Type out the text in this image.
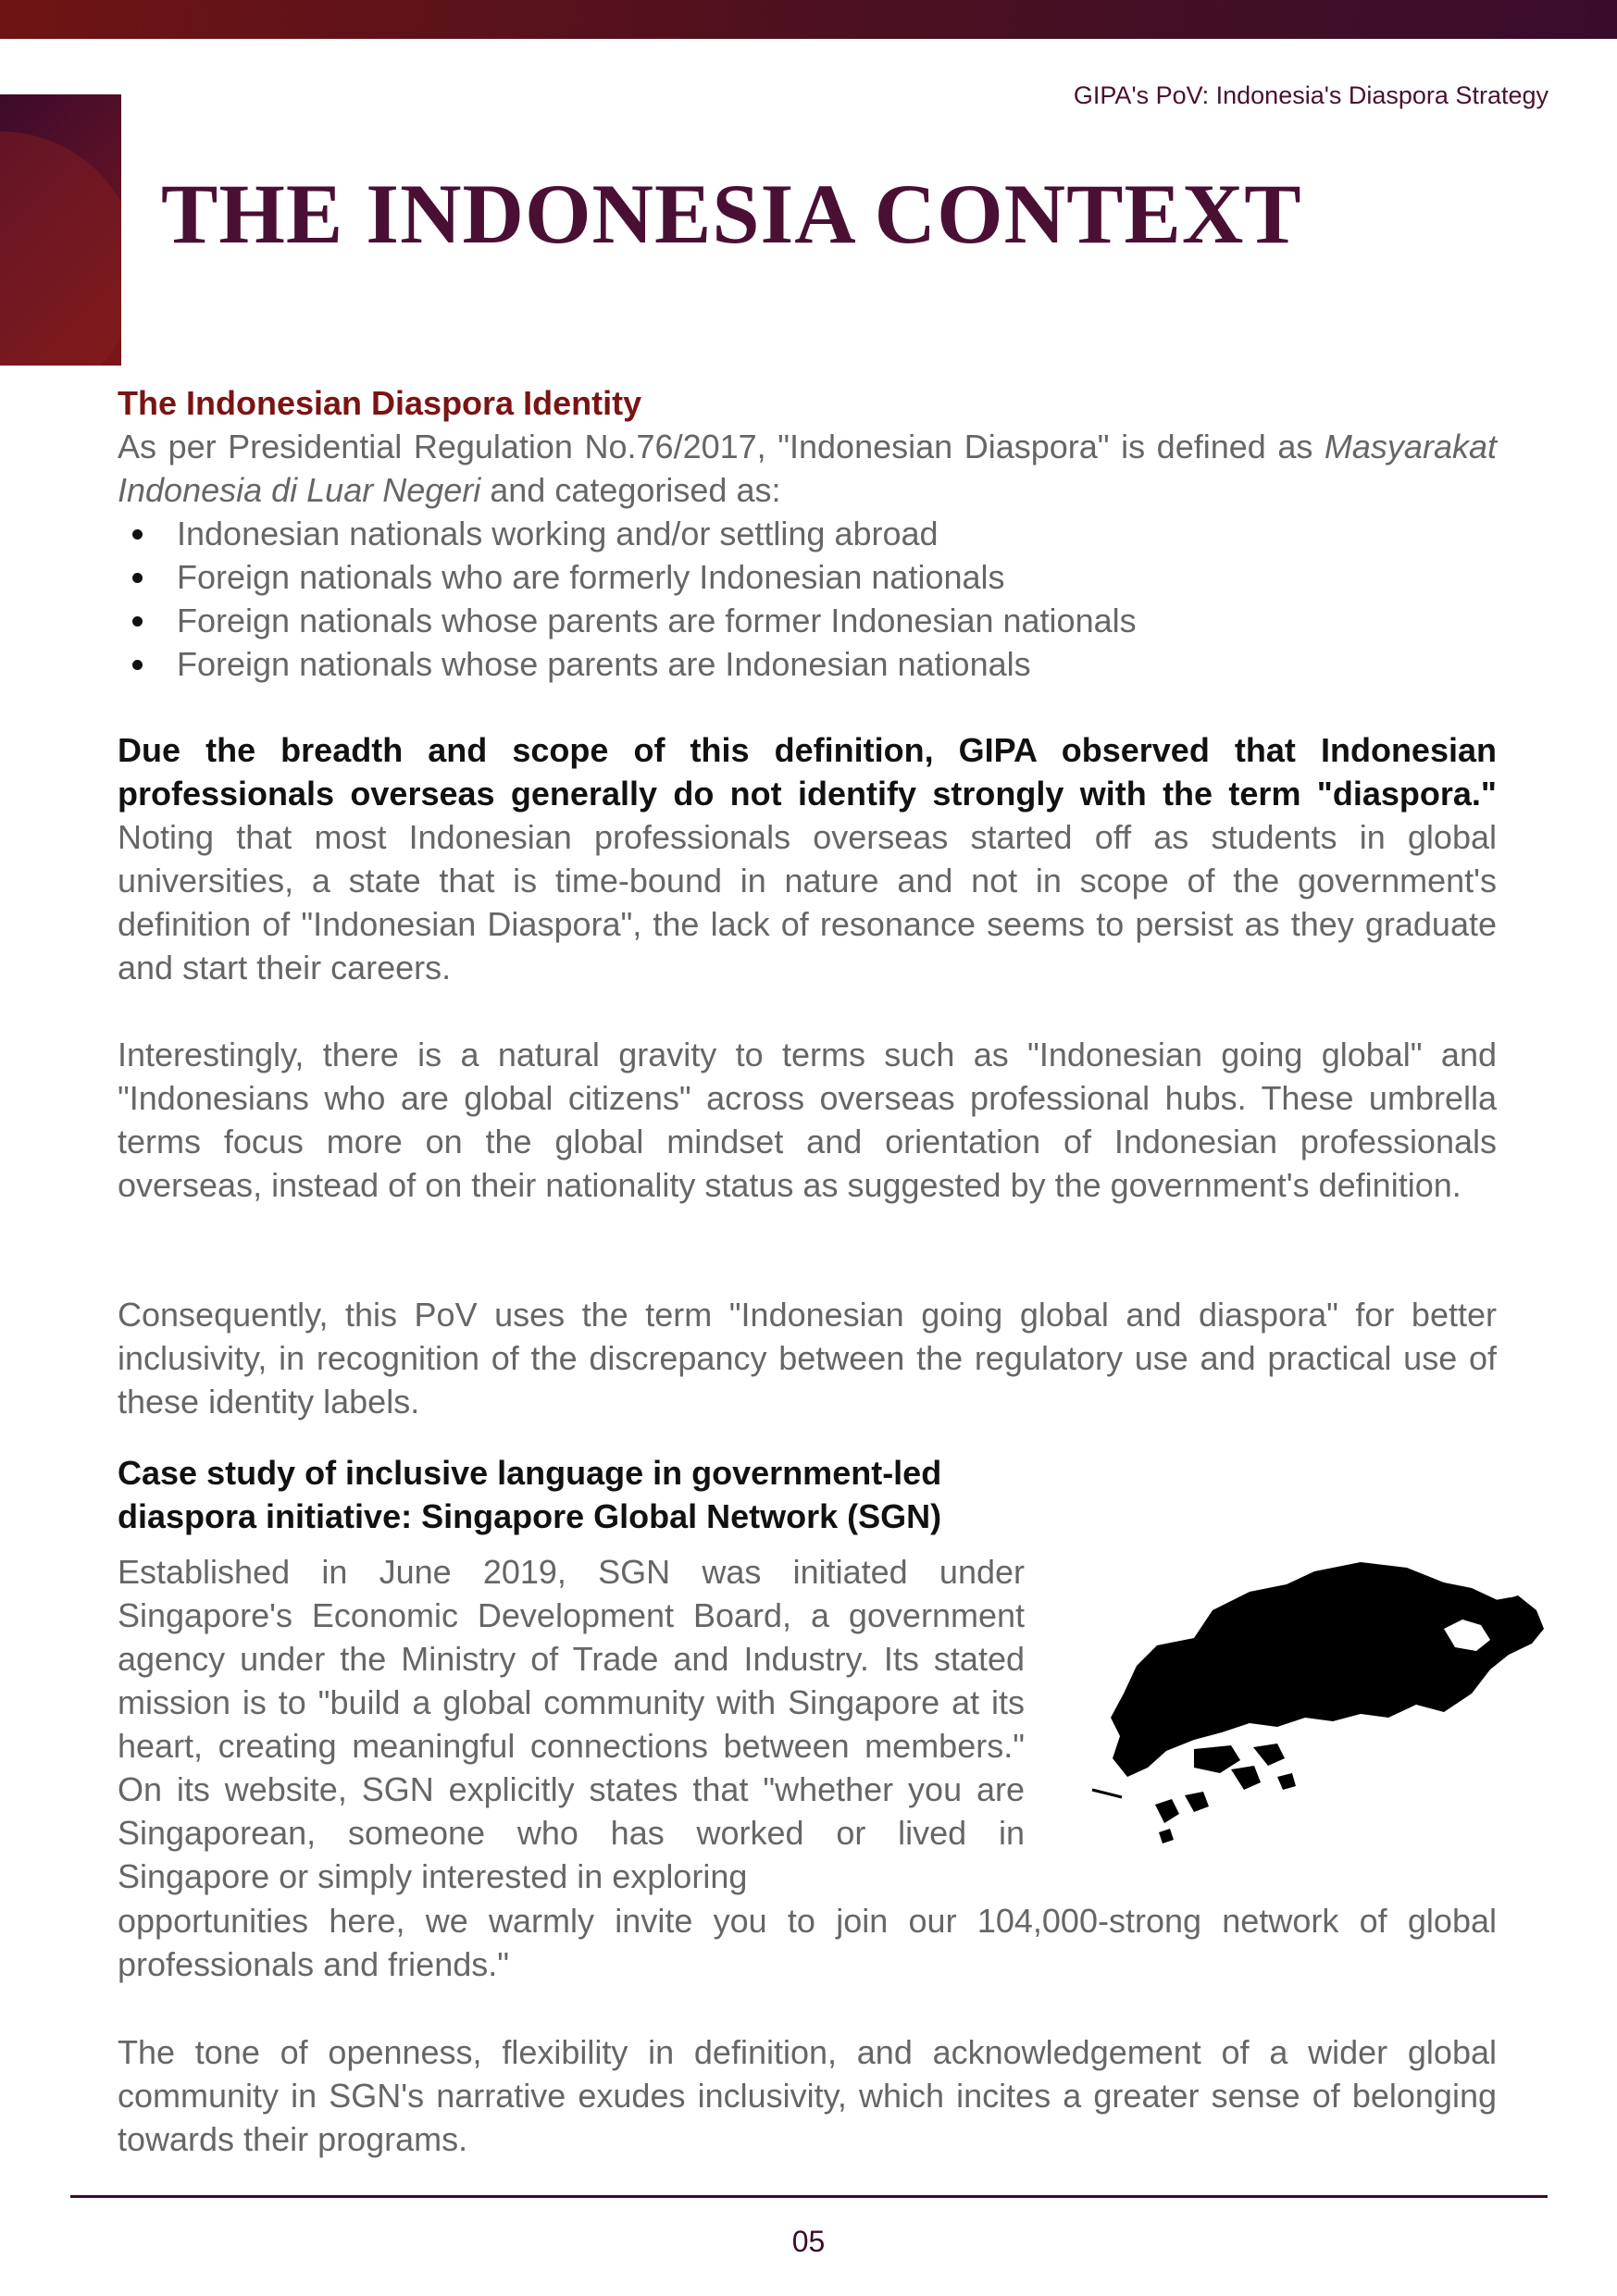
GIPA's PoV: Indonesia's Diaspora Strategy
THE INDONESIA CONTEXT
The Indonesian Diaspora Identity
As per Presidential Regulation No.76/2017, "Indonesian Diaspora" is defined as Masyarakat Indonesia di Luar Negeri and categorised as:
Indonesian nationals working and/or settling abroad
Foreign nationals who are formerly Indonesian nationals
Foreign nationals whose parents are former Indonesian nationals
Foreign nationals whose parents are Indonesian nationals

Due the breadth and scope of this definition, GIPA observed that Indonesian professionals overseas generally do not identify strongly with the term "diaspora." Noting that most Indonesian professionals overseas started off as students in global universities, a state that is time-bound in nature and not in scope of the government's definition of "Indonesian Diaspora", the lack of resonance seems to persist as they graduate and start their careers.

Interestingly, there is a natural gravity to terms such as "Indonesian going global" and "Indonesians who are global citizens" across overseas professional hubs. These umbrella terms focus more on the global mindset and orientation of Indonesian professionals overseas, instead of on their nationality status as suggested by the government's definition.

Consequently, this PoV uses the term "Indonesian going global and diaspora" for better inclusivity, in recognition of the discrepancy between the regulatory use and practical use of these identity labels.

Case study of inclusive language in government-led
diaspora initiative: Singapore Global Network (SGN)

Established in June 2019, SGN was initiated under Singapore's Economic Development Board, a government agency under the Ministry of Trade and Industry. Its stated mission is to "build a global community with Singapore at its heart, creating meaningful connections between members." On its website, SGN explicitly states that "whether you are Singaporean, someone who has worked or lived in Singapore or simply interested in exploring

opportunities here, we warmly invite you to join our 104,000-strong network of global professionals and friends."

The tone of openness, flexibility in definition, and acknowledgement of a wider global community in SGN's narrative exudes inclusivity, which incites a greater sense of belonging towards their programs.

05
